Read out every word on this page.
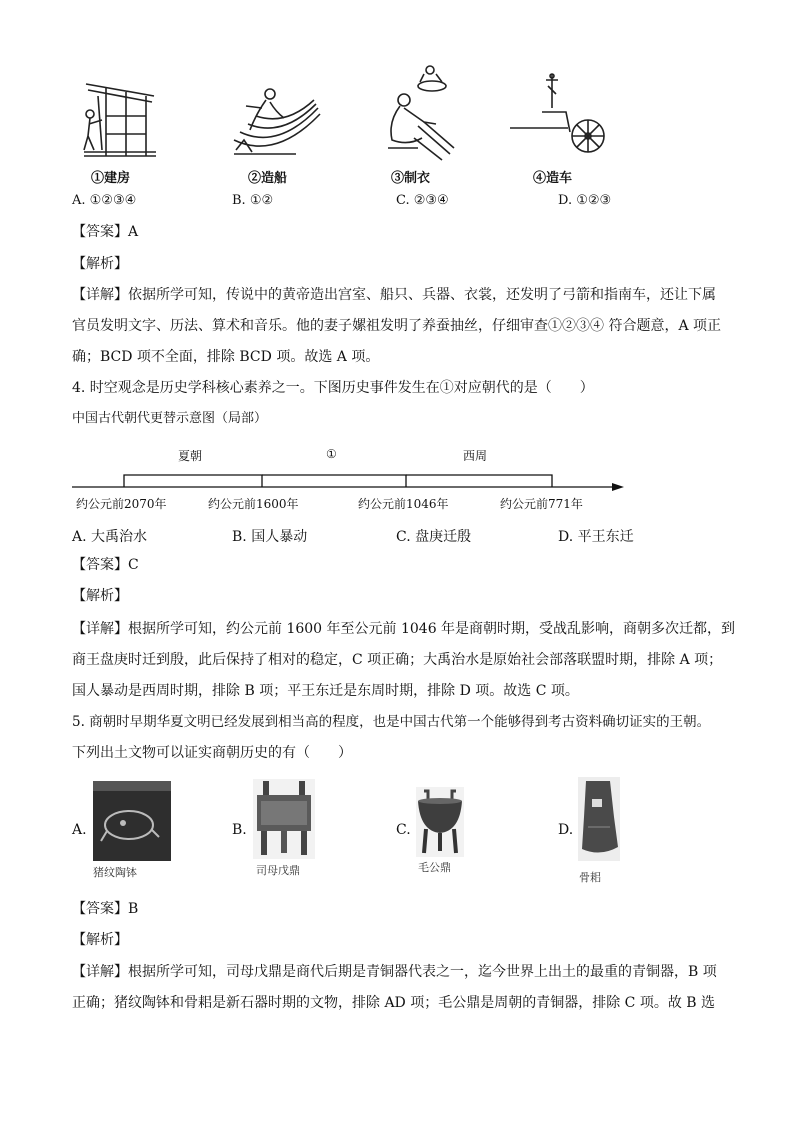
①建房	②造船	③制衣	④造车
A. ①②③④	B. ①②	C. ②③④	D. ①②③
【答案】A
【解析】
【详解】依据所学可知，传说中的黄帝造出宫室、船只、兵器、衣裳，还发明了弓箭和指南车，还让下属
官员发明文字、历法、算术和音乐。他的妻子嫘祖发明了养蚕抽丝，仔细审查①②③④ 符合题意，A 项正
确；BCD 项不全面，排除 BCD 项。故选 A 项。
4. 时空观念是历史学科核心素养之一。下图历史事件发生在①对应朝代的是（　　）
中国古代朝代更替示意图（局部）
夏朝	①	西周
约公元前2070年	约公元前1600年	约公元前1046年	约公元前771年
A. 大禹治水	B. 国人暴动	C. 盘庚迁殷	D. 平王东迁
【答案】C
【解析】
【详解】根据所学可知，约公元前 1600 年至公元前 1046 年是商朝时期，受战乱影响，商朝多次迁都，到
商王盘庚时迁到殷，此后保持了相对的稳定，C 项正确；大禹治水是原始社会部落联盟时期，排除 A 项；
国人暴动是西周时期，排除 B 项；平王东迁是东周时期，排除 D 项。故选 C 项。
5. 商朝时早期华夏文明已经发展到相当高的程度，也是中国古代第一个能够得到考古资料确切证实的王朝。
下列出土文物可以证实商朝历史的有（　　）
A.
猪纹陶钵
B.
司母戊鼎
C.
毛公鼎
D.
骨耜
【答案】B
【解析】
【详解】根据所学可知，司母戊鼎是商代后期是青铜器代表之一，迄今世界上出土的最重的青铜器，B 项
正确；猪纹陶钵和骨耜是新石器时期的文物，排除 AD 项；毛公鼎是周朝的青铜器，排除 C 项。故 B 选
